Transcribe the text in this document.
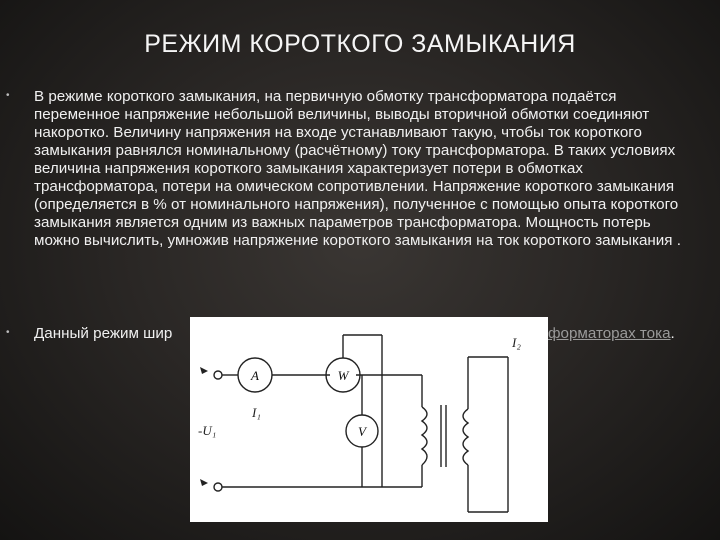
РЕЖИМ КОРОТКОГО ЗАМЫКАНИЯ
• В режиме короткого замыкания, на первичную обмотку трансформатора подаётся переменное напряжение небольшой величины, выводы вторичной обмотки соединяют накоротко. Величину напряжения на входе устанавливают такую, чтобы ток короткого замыкания равнялся номинальному (расчётному) току трансформатора. В таких условиях величина напряжения короткого замыкания характеризует потери в обмотках трансформатора, потери на омическом сопротивлении. Напряжение короткого замыкания (определяется в % от номинального напряжения), полученное с помощью опыта короткого замыкания является одним из важных параметров трансформатора. Мощность потерь можно вычислить, умножив напряжение короткого замыкания на ток короткого замыкания .
• Данный режим шир	форматорах тока.
A	W
V
I₁
-U₁
I₂
